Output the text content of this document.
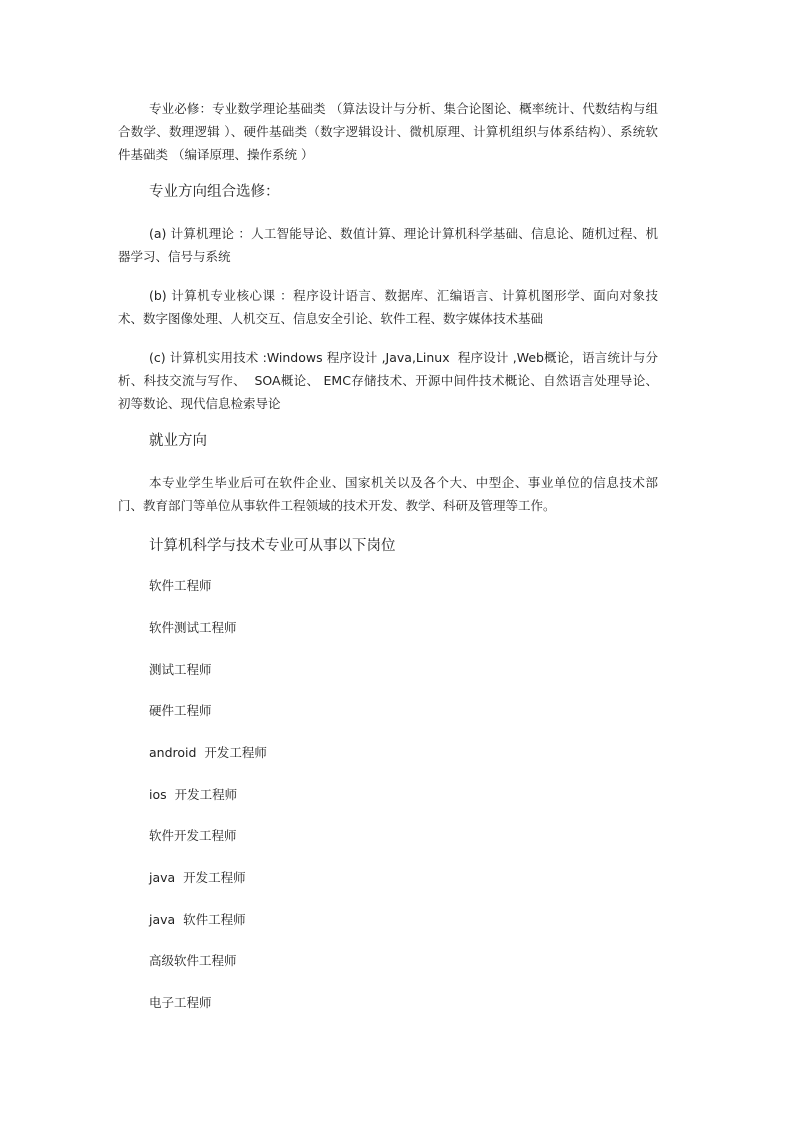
专业必修：专业数学理论基础类 （算法设计与分析、集合论图论、概率统计、代数结构与组合数学、数理逻辑 ）、硬件基础类（数字逻辑设计、微机原理、计算机组织与体系结构）、系统软件基础类 （编译原理、操作系统 ）

专业方向组合选修：

(a) 计算机理论 ：人工智能导论、数值计算、理论计算机科学基础、信息论、随机过程、机器学习、信号与系统

(b) 计算机专业核心课 ：程序设计语言、数据库、汇编语言、计算机图形学、面向对象技术、数字图像处理、人机交互、信息安全引论、软件工程、数字媒体技术基础

(c) 计算机实用技术 :Windows 程序设计 ,Java,Linux  程序设计 ,Web概论，语言统计与分析、科技交流与写作、  SOA概论、 EMC存储技术、开源中间件技术概论、自然语言处理导论、初等数论、现代信息检索导论

就业方向

本专业学生毕业后可在软件企业、国家机关以及各个大、中型企、事业单位的信息技术部门、教育部门等单位从事软件工程领域的技术开发、教学、科研及管理等工作。

计算机科学与技术专业可从事以下岗位

软件工程师

软件测试工程师

测试工程师

硬件工程师

android  开发工程师

ios  开发工程师

软件开发工程师

java  开发工程师

java  软件工程师

高级软件工程师

电子工程师
